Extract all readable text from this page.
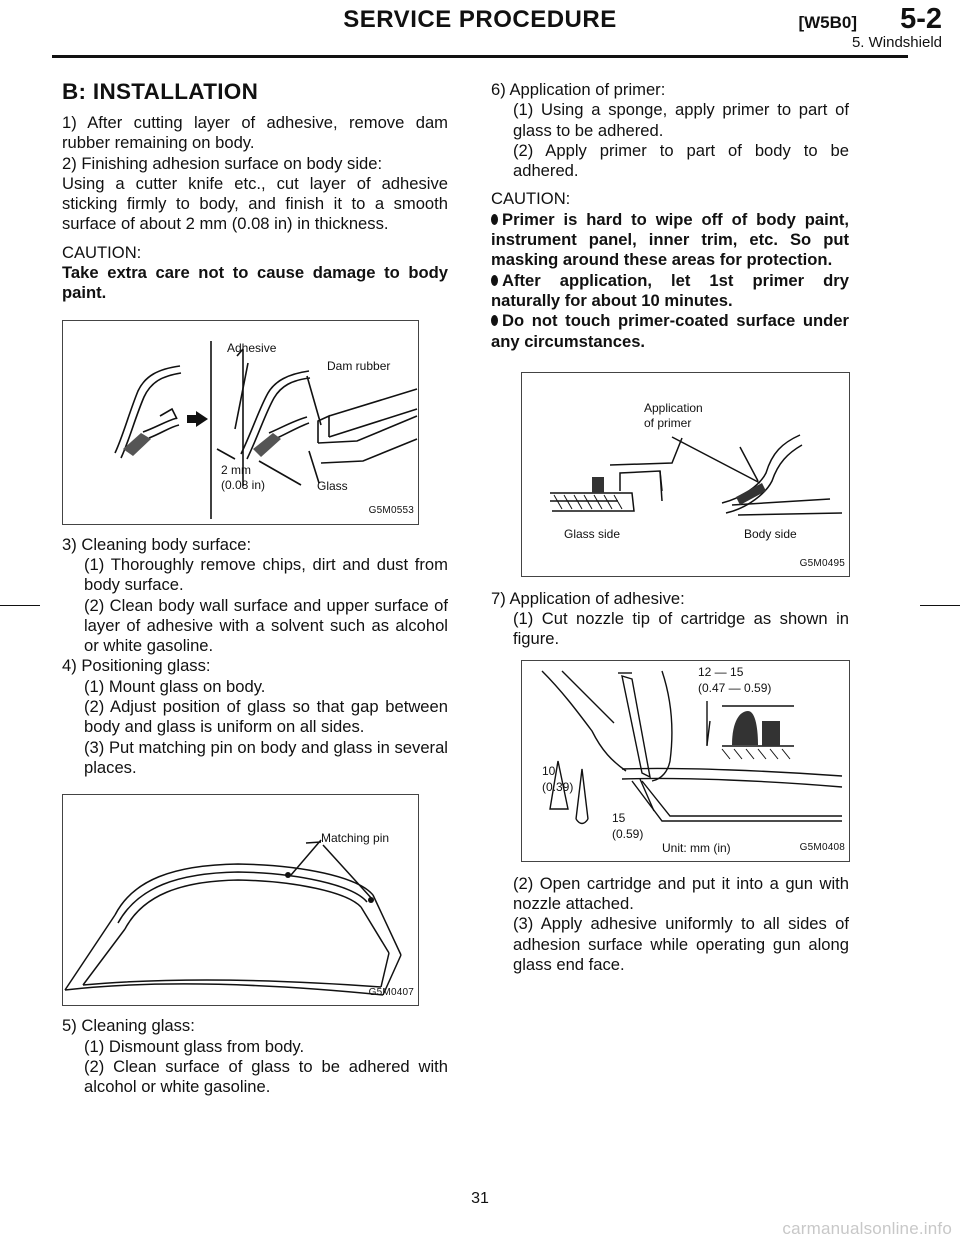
SERVICE PROCEDURE	[W5B0] 5-2
5. Windshield
B: INSTALLATION

1) After cutting layer of adhesive, remove dam rubber remaining on body.

2) Finishing adhesion surface on body side:

Using a cutter knife etc., cut layer of adhesive sticking firmly to body, and finish it to a smooth surface of about 2 mm (0.08 in) in thickness.

CAUTION:

Take extra care not to cause damage to body paint.

Adhesive
Dam rubber
2 mm
(0.08 in)	Glass
G5M0553

3) Cleaning body surface:

(1) Thoroughly remove chips, dirt and dust from body surface.

(2) Clean body wall surface and upper surface of layer of adhesive with a solvent such as alcohol or white gasoline.

4) Positioning glass:

(1) Mount glass on body.

(2) Adjust position of glass so that gap between body and glass is uniform on all sides.

(3) Put matching pin on body and glass in several places.

Matching pin
G5M0407

5) Cleaning glass:

(1) Dismount glass from body.

(2) Clean surface of glass to be adhered with alcohol or white gasoline.

6) Application of primer:

(1) Using a sponge, apply primer to part of glass to be adhered.

(2) Apply primer to part of body to be adhered.

CAUTION:

Primer is hard to wipe off of body paint, instrument panel, inner trim, etc. So put masking around these areas for protection.

After application, let 1st primer dry naturally for about 10 minutes.

Do not touch primer-coated surface under any circumstances.

Application
of primer
Glass side	Body side
G5M0495

7) Application of adhesive:

(1) Cut nozzle tip of cartridge as shown in figure.

12 — 15
(0.47 — 0.59)
10
(0.39)
15
(0.59)
Unit: mm (in)	G5M0408

(2) Open cartridge and put it into a gun with nozzle attached.

(3) Apply adhesive uniformly to all sides of adhesion surface while operating gun along glass end face.

31
carmanualsonline.info
